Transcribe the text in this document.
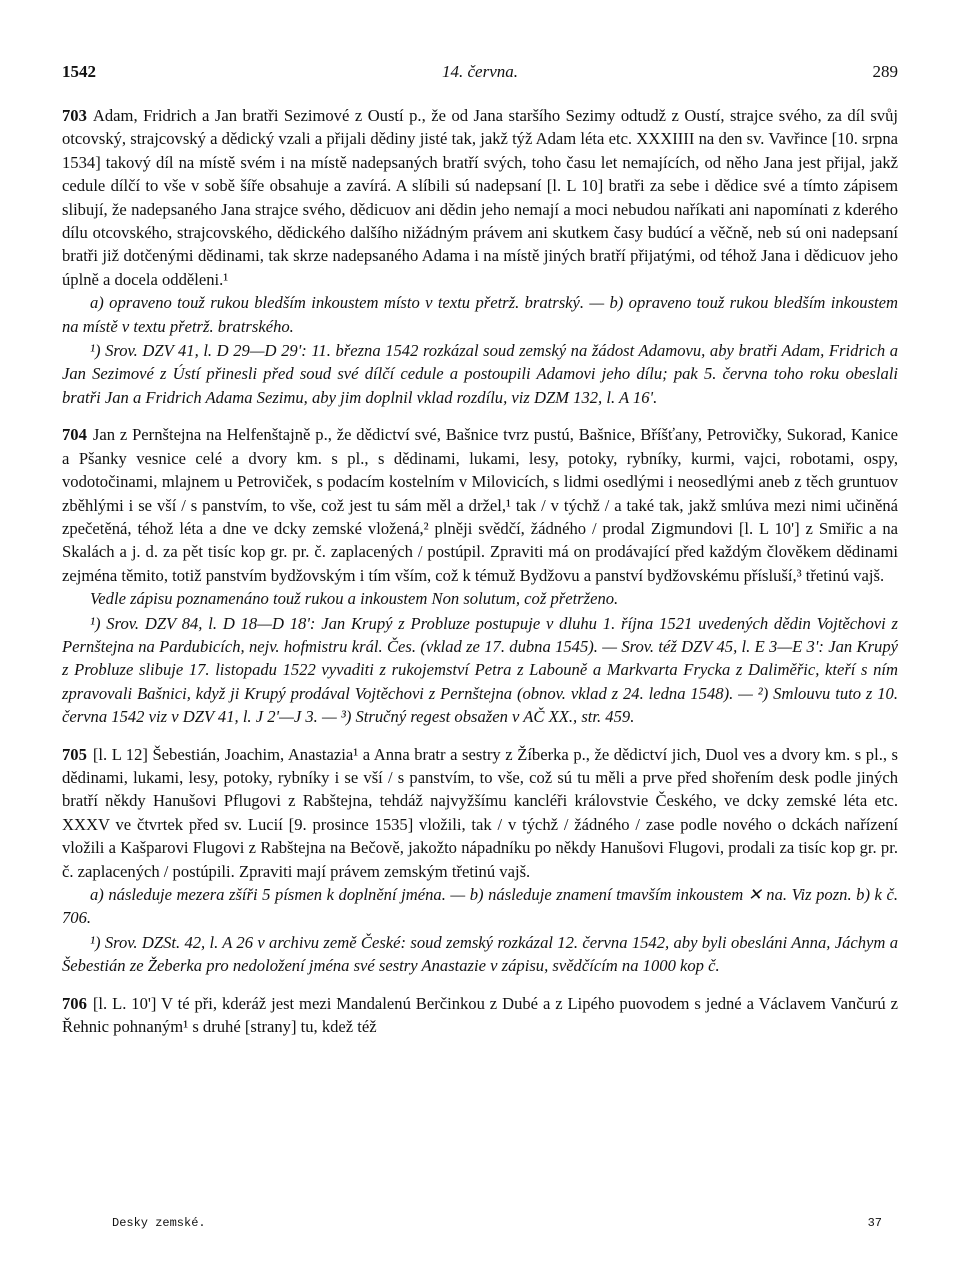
1542	14. června.	289

703 Adam, Fridrich a Jan bratři Sezimové z Oustí p., že od Jana staršího Sezimy odtudž z Oustí, strajce svého, za díl svůj otcovský, strajcovský a dědický vzali a přijali dědiny jisté tak, jakž týž Adam léta etc. XXXIIII na den sv. Vavřince [10. srpna 1534] takový díl na místě svém i na místě nadepsaných bratří svých, toho času let nemajících, od něho Jana jest přijal, jakž cedule dílčí to vše v sobě šíře obsahuje a zavírá. A slíbili sú nadepsaní [l. L 10] bratři za sebe i dědice své a tímto zápisem slibují, že nadepsaného Jana strajce svého, dědicuov ani dědin jeho nemají a moci nebudou naříkati ani napomínati z kderého dílu otcovského, strajcovského, dědického dalšího nižádným právem ani skutkem časy budúcí a věčně, neb sú oni nadepsaní bratři již dotčenými dědinami, tak skrze nadepsaného Adama i na místě jiných bratří přijatými, od téhož Jana i dědicuov jeho úplně a docela odděleni.¹

a) opraveno touž rukou bledším inkoustem místo v textu přetrž. bratrský. — b) opraveno touž rukou bledším inkoustem na místě v textu přetrž. bratrského.

¹) Srov. DZV 41, l. D 29—D 29': 11. března 1542 rozkázal soud zemský na žádost Adamovu, aby bratři Adam, Fridrich a Jan Sezimové z Ústí přinesli před soud své dílčí cedule a postoupili Adamovi jeho dílu; pak 5. června toho roku obeslali bratři Jan a Fridrich Adama Sezimu, aby jim doplnil vklad rozdílu, viz DZM 132, l. A 16'.

704 Jan z Pernštejna na Helfenštajně p., že dědictví své, Bašnice tvrz pustú, Bašnice, Bříšťany, Petrovičky, Sukorad, Kanice a Pšanky vesnice celé a dvory km. s pl., s dědinami, lukami, lesy, potoky, rybníky, kurmi, vajci, robotami, ospy, vodotočinami, mlajnem u Petroviček, s podacím kostelním v Milovicích, s lidmi osedlými i neosedlými aneb z těch gruntuov zběhlými i se vší / s panstvím, to vše, což jest tu sám měl a držel,¹ tak / v týchž / a také tak, jakž smlúva mezi nimi učiněná zpečetěná, téhož léta a dne ve dcky zemské vložená,² plněji svědčí, žádného / prodal Zigmundovi [l. L 10'] z Smiřic a na Skalách a j. d. za pět tisíc kop gr. pr. č. zaplacených / postúpil. Zpraviti má on prodávající před každým člověkem dědinami zejména těmito, totiž panstvím bydžovským i tím vším, což k témuž Bydžovu a panství bydžovskému přísluší,³ třetinú vajš.

Vedle zápisu poznamenáno touž rukou a inkoustem Non solutum, což přetrženo.

¹) Srov. DZV 84, l. D 18—D 18': Jan Krupý z Probluze postupuje v dluhu 1. října 1521 uvedených dědin Vojtěchovi z Pernštejna na Pardubicích, nejv. hofmistru král. Čes. (vklad ze 17. dubna 1545). — Srov. též DZV 45, l. E 3—E 3': Jan Krupý z Probluze slibuje 17. listopadu 1522 vyvaditi z rukojemství Petra z Labouně a Markvarta Frycka z Daliměřic, kteří s ním zpravovali Bašnici, když ji Krupý prodával Vojtěchovi z Pernštejna (obnov. vklad z 24. ledna 1548). — ²) Smlouvu tuto z 10. června 1542 viz v DZV 41, l. J 2'—J 3. — ³) Stručný regest obsažen v AČ XX., str. 459.

705 [l. L 12] Šebestián, Joachim, Anastazia¹ a Anna bratr a sestry z Žíberka p., že dědictví jich, Duol ves a dvory km. s pl., s dědinami, lukami, lesy, potoky, rybníky i se vší / s panstvím, to vše, což sú tu měli a prve před shořením desk podle jiných bratří někdy Hanušovi Pflugovi z Rabštejna, tehdáž najvyžšímu kancléři královstvie Českého, ve dcky zemské léta etc. XXXV ve čtvrtek před sv. Lucií [9. prosince 1535] vložili, tak / v týchž / žádného / zase podle nového o dckách nařízení vložili a Kašparovi Flugovi z Rabštejna na Bečově, jakožto nápadníku po někdy Hanušovi Flugovi, prodali za tisíc kop gr. pr. č. zaplacených / postúpili. Zpraviti mají právem zemským třetinú vajš.

a) následuje mezera zšíři 5 písmen k doplnění jména. — b) následuje znamení tmavším inkoustem ✕ na. Viz pozn. b) k č. 706.

¹) Srov. DZSt. 42, l. A 26 v archivu země České: soud zemský rozkázal 12. června 1542, aby byli obesláni Anna, Jáchym a Šebestián ze Žeberka pro nedoložení jména své sestry Anastazie v zápisu, svědčícím na 1000 kop č.

706 [l. L. 10'] V té při, kderáž jest mezi Mandalenú Berčinkou z Dubé a z Lipého puovodem s jedné a Václavem Vančurú z Řehnic pohnaným¹ s druhé [strany] tu, kdež též

Desky zemské.	37
